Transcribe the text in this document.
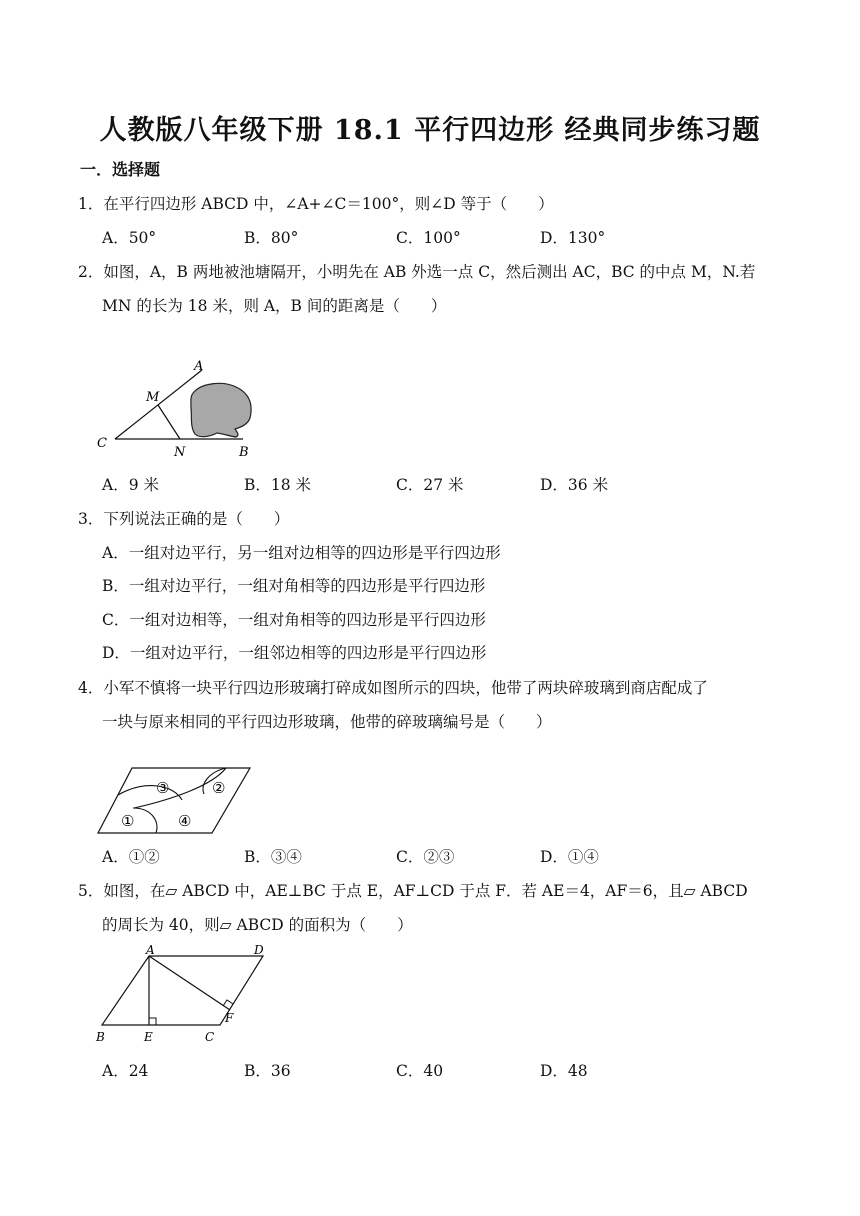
人教版八年级下册 18.1 平行四边形 经典同步练习题
一．选择题
1．在平行四边形 ABCD 中，∠A+∠C＝100°，则∠D 等于（　　）
A．50°	B．80°	C．100°	D．130°
2．如图，A，B 两地被池塘隔开，小明先在 AB 外选一点 C，然后测出 AC，BC 的中点 M，N.若
MN 的长为 18 米，则 A，B 间的距离是（　　）
A
M
C
N	B
A．9 米	B．18 米	C．27 米	D．36 米
3．下列说法正确的是（　　）
A．一组对边平行，另一组对边相等的四边形是平行四边形
B．一组对边平行，一组对角相等的四边形是平行四边形
C．一组对边相等，一组对角相等的四边形是平行四边形
D．一组对边平行，一组邻边相等的四边形是平行四边形
4．小军不慎将一块平行四边形玻璃打碎成如图所示的四块，他带了两块碎玻璃到商店配成了
一块与原来相同的平行四边形玻璃，他带的碎玻璃编号是（　　）
③	②
①	④
A．①②	B．③④	C．②③	D．①④
5．如图，在▱ ABCD 中，AE⊥BC 于点 E，AF⊥CD 于点 F．若 AE＝4，AF＝6，且▱ ABCD
的周长为 40，则▱ ABCD 的面积为（　　）
A	D
F
B	E	C
A．24	B．36	C．40	D．48
